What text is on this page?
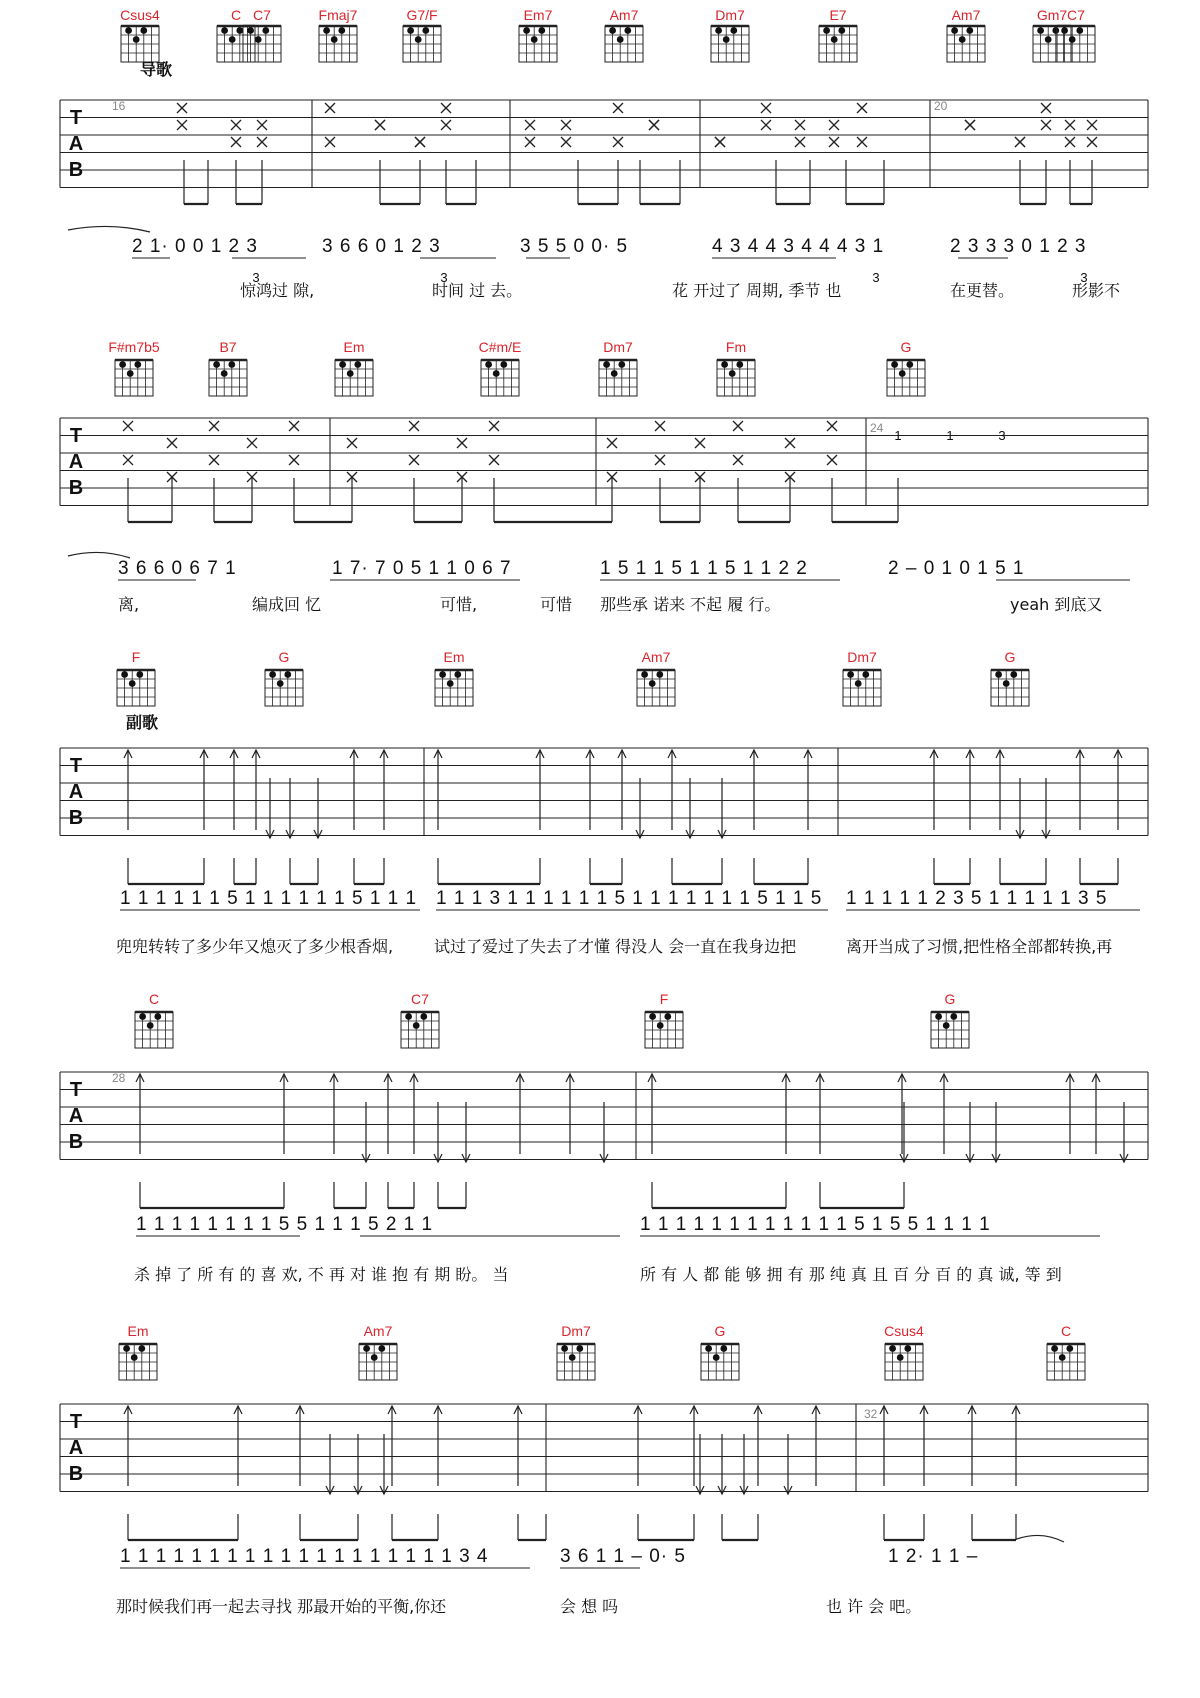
T
A
B
3	3	3	3
T
A
B
T
A
B
T
A
B
T
A
B
导歌
副歌
16	20
Csus4	C C7	Fmaj7	G7/F	Em7	Am7	Dm7	E7	Am7	Gm7 C7
2 1· 0 0 1 2 3	3 6 6 0 1 2 3	3 5 5 0 0· 5	4 3 4 4 3 4 4 4 3 1	2 3 3 3 0 1 2 3
惊鸿过 隙,	时间 过 去。	花 开过了 周期, 季节 也	在更替。	形影不
24
F#m7b5	B7	Em	C#m/E	Dm7	Fm	G
1	1	3
3 6 6 0 6 7 1	1 7· 7 0 5 1 1 0 6 7	1 5 1 1 5 1 1 5 1 1 2 2	2 – 0 1 0 1 5 1
离,	编成回 忆	可惜,	可惜 那些承 诺来 不起 履 行。	yeah 到底又
F	G	Em	Am7	Dm7	G
1 1 1 1 1 1 5 1 1 1 1 1 1 5 1 1 1 1 1 1 3 1 1 1 1 1 1 5 1 1 1 1 1 1 1 5 1 1 5 1 1 1 1 1 2 3 5 1 1 1 1 1 3 5
兜兜转转了多少年又熄灭了多少根香烟,	试过了爱过了失去了才懂 得没人 会一直在我身边把	离开当成了习惯,把性格全部都转换,再
28
C	C7	F	G
1 1 1 1 1 1 1 1 5 5 1 1 1 5 2 1 1	1 1 1 1 1 1 1 1 1 1 1 1 5 1 5 5 1 1 1 1
杀 掉 了 所 有 的 喜 欢, 不 再 对 谁 抱 有 期 盼。 当	所 有 人 都 能 够 拥 有 那 纯 真 且 百 分 百 的 真 诚, 等 到
32
Em	Am7	Dm7	G	Csus4	C
1 1 1 1 1 1 1 1 1 1 1 1 1 1 1 1 1 1 1 3 4	3 6 1 1 – 0· 5	1 2· 1 1 –
那时候我们再一起去寻找 那最开始的平衡,你还	会 想 吗	也 许 会 吧。
